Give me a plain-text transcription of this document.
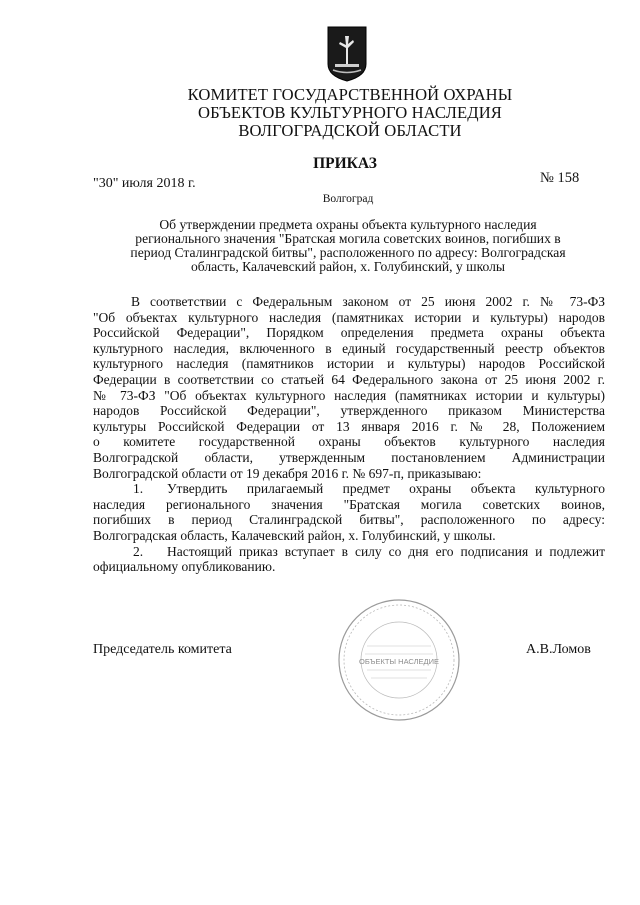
КОМИТЕТ ГОСУДАРСТВЕННОЙ ОХРАНЫ
ОБЪЕКТОВ КУЛЬТУРНОГО НАСЛЕДИЯ
ВОЛГОГРАДСКОЙ ОБЛАСТИ
ПРИКАЗ
"30" июля 2018 г.	№ 158
Волгоград
Об утверждении предмета охраны объекта культурного наследия
регионального значения "Братская могила советских воинов, погибших в
период Сталинградской битвы", расположенного по адресу: Волгоградская
область, Калачевский район, х. Голубинский, у школы
В соответствии с Федеральным законом от 25 июня 2002 г. № 73-ФЗ
"Об объектах культурного наследия (памятниках истории и культуры) народов
Российской Федерации", Порядком определения предмета охраны объекта
культурного наследия, включенного в единый государственный реестр объектов
культурного наследия (памятников истории и культуры) народов Российской
Федерации в соответствии со статьей 64 Федерального закона от 25 июня 2002 г.
№ 73-ФЗ "Об объектах культурного наследия (памятниках истории и культуры)
народов Российской Федерации", утвержденного приказом Министерства
культуры Российской Федерации от 13 января 2016 г. № 28, Положением
о комитете государственной охраны объектов культурного наследия
Волгоградской области, утвержденным постановлением Администрации
Волгоградской области от 19 декабря 2016 г. № 697-п, приказываю:
1. Утвердить прилагаемый предмет охраны объекта культурного
наследия регионального значения "Братская могила советских воинов,
погибших в период Сталинградской битвы", расположенного по адресу:
Волгоградская область, Калачевский район, х. Голубинский, у школы.
2. Настоящий приказ вступает в силу со дня его подписания и подлежит
официальному опубликованию.
ОБЪЕКТЫ НАСЛЕДИЕ
Председатель комитета	А.В.Ломов
